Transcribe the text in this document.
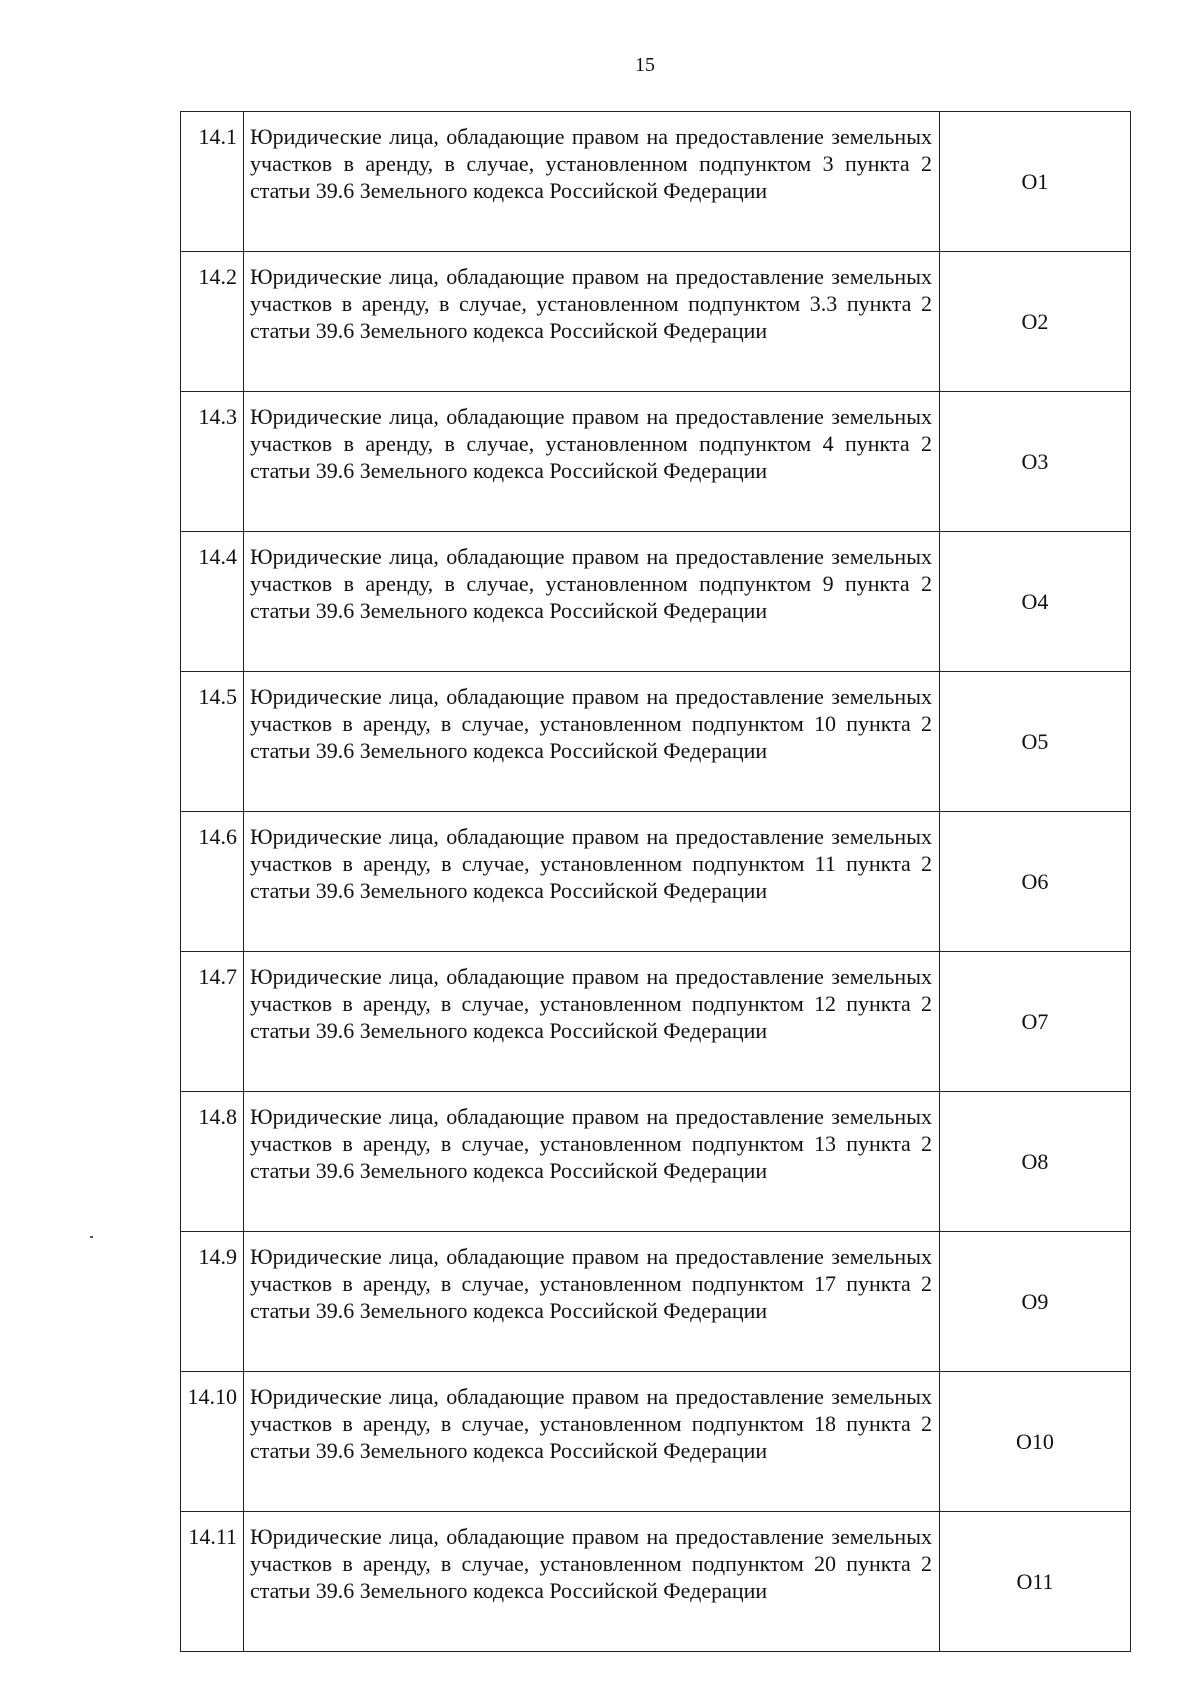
15
14.1	Юридические лица, обладающие правом на предоставление земельных участков в аренду, в случае, установленном подпунктом 3 пункта 2 статьи 39.6 Земельного кодекса Российской Федерации	О1
14.2	Юридические лица, обладающие правом на предоставление земельных участков в аренду, в случае, установленном подпунктом 3.3 пункта 2 статьи 39.6 Земельного кодекса Российской Федерации	О2
14.3	Юридические лица, обладающие правом на предоставление земельных участков в аренду, в случае, установленном подпунктом 4 пункта 2 статьи 39.6 Земельного кодекса Российской Федерации	О3
14.4	Юридические лица, обладающие правом на предоставление земельных участков в аренду, в случае, установленном подпунктом 9 пункта 2 статьи 39.6 Земельного кодекса Российской Федерации	О4
14.5	Юридические лица, обладающие правом на предоставление земельных участков в аренду, в случае, установленном подпунктом 10 пункта 2 статьи 39.6 Земельного кодекса Российской Федерации	О5
14.6	Юридические лица, обладающие правом на предоставление земельных участков в аренду, в случае, установленном подпунктом 11 пункта 2 статьи 39.6 Земельного кодекса Российской Федерации	О6
14.7	Юридические лица, обладающие правом на предоставление земельных участков в аренду, в случае, установленном подпунктом 12 пункта 2 статьи 39.6 Земельного кодекса Российской Федерации	О7
14.8	Юридические лица, обладающие правом на предоставление земельных участков в аренду, в случае, установленном подпунктом 13 пункта 2 статьи 39.6 Земельного кодекса Российской Федерации	О8
14.9	Юридические лица, обладающие правом на предоставление земельных участков в аренду, в случае, установленном подпунктом 17 пункта 2 статьи 39.6 Земельного кодекса Российской Федерации	О9
14.10	Юридические лица, обладающие правом на предоставление земельных участков в аренду, в случае, установленном подпунктом 18 пункта 2 статьи 39.6 Земельного кодекса Российской Федерации	О10
14.11	Юридические лица, обладающие правом на предоставление земельных участков в аренду, в случае, установленном подпунктом 20 пункта 2 статьи 39.6 Земельного кодекса Российской Федерации	О11
